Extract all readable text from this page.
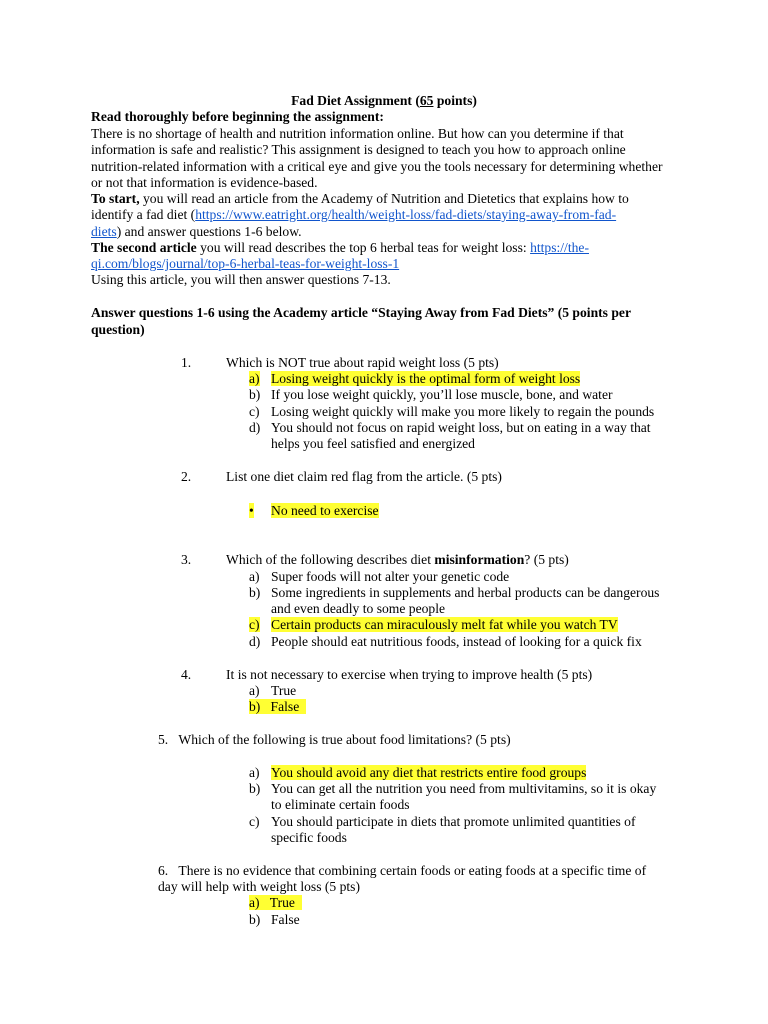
Fad Diet Assignment (65 points)
Read thoroughly before beginning the assignment:
There is no shortage of health and nutrition information online. But how can you determine if that
information is safe and realistic? This assignment is designed to teach you how to approach online
nutrition-related information with a critical eye and give you the tools necessary for determining whether
or not that information is evidence-based.
To start, you will read an article from the Academy of Nutrition and Dietetics that explains how to
identify a fad diet (https://www.eatright.org/health/weight-loss/fad-diets/staying-away-from-fad-
diets) and answer questions 1-6 below.
The second article you will read describes the top 6 herbal teas for weight loss: https://the-
qi.com/blogs/journal/top-6-herbal-teas-for-weight-loss-1
Using this article, you will then answer questions 7-13.
Answer questions 1-6 using the Academy article “Staying Away from Fad Diets” (5 points per
question)
1.	Which is NOT true about rapid weight loss (5 pts)
a) Losing weight quickly is the optimal form of weight loss
b) If you lose weight quickly, you’ll lose muscle, bone, and water
c) Losing weight quickly will make you more likely to regain the pounds
d) You should not focus on rapid weight loss, but on eating in a way that
helps you feel satisfied and energized
2.	List one diet claim red flag from the article. (5 pts)
• No need to exercise
3.	Which of the following describes diet misinformation? (5 pts)
a) Super foods will not alter your genetic code
b) Some ingredients in supplements and herbal products can be dangerous
and even deadly to some people
c) Certain products can miraculously melt fat while you watch TV
d) People should eat nutritious foods, instead of looking for a quick fix
4.	It is not necessary to exercise when trying to improve health (5 pts)
a) True
b) False
5. Which of the following is true about food limitations? (5 pts)
a) You should avoid any diet that restricts entire food groups
b) You can get all the nutrition you need from multivitamins, so it is okay
to eliminate certain foods
c) You should participate in diets that promote unlimited quantities of
specific foods
6. There is no evidence that combining certain foods or eating foods at a specific time of
day will help with weight loss (5 pts)
a) True
b) False
